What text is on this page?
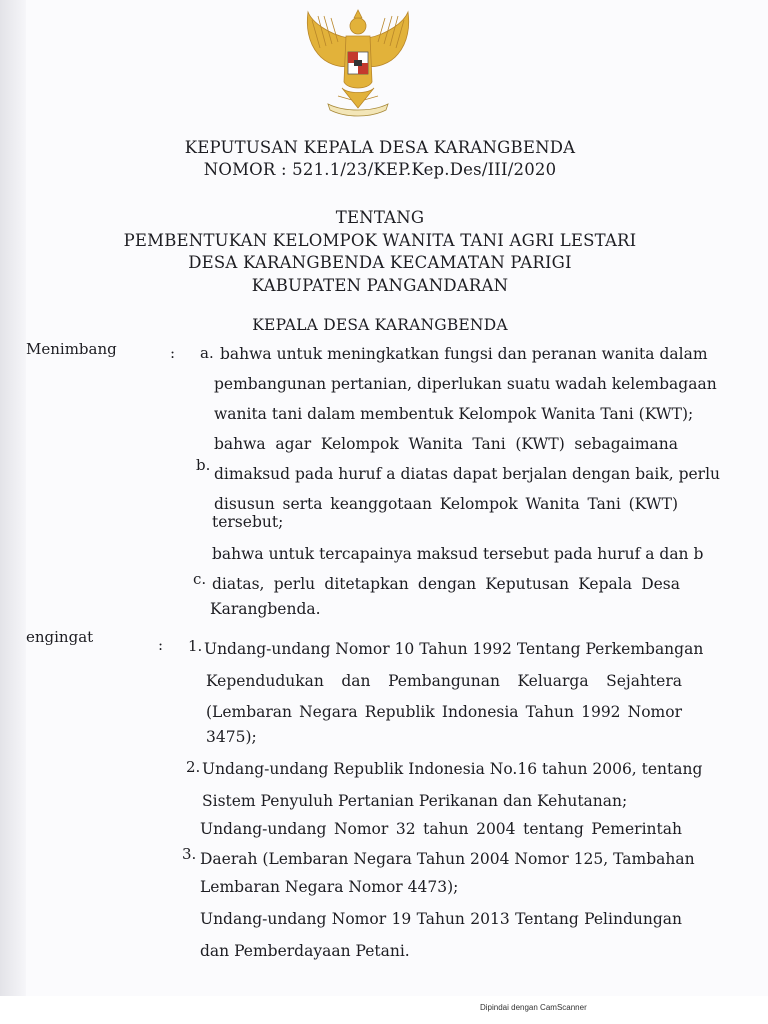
KEPUTUSAN KEPALA DESA KARANGBENDA
NOMOR : 521.1/23/KEP.Kep.Des/III/2020
TENTANG
PEMBENTUKAN KELOMPOK WANITA TANI AGRI LESTARI
DESA KARANGBENDA KECAMATAN PARIGI
KABUPATEN PANGANDARAN
KEPALA DESA KARANGBENDA
Menimbang	: a. bahwa untuk meningkatkan fungsi dan peranan wanita dalam
pembangunan pertanian, diperlukan suatu wadah kelembagaan
wanita tani dalam membentuk Kelompok Wanita Tani (KWT);
bahwa agar Kelompok Wanita Tani (KWT) sebagaimana
b. dimaksud pada huruf a diatas dapat berjalan dengan baik, perlu
disusun serta keanggotaan Kelompok Wanita Tani (KWT)
tersebut;
bahwa untuk tercapainya maksud tersebut pada huruf a dan b
c. diatas, perlu ditetapkan dengan Keputusan Kepala Desa
Karangbenda.
engingat	: 1. Undang-undang Nomor 10 Tahun 1992 Tentang Perkembangan
Kependudukan dan Pembangunan Keluarga Sejahtera
(Lembaran Negara Republik Indonesia Tahun 1992 Nomor
3475);
2. Undang-undang Republik Indonesia No.16 tahun 2006, tentang
Sistem Penyuluh Pertanian Perikanan dan Kehutanan;
Undang-undang Nomor 32 tahun 2004 tentang Pemerintah
3. Daerah (Lembaran Negara Tahun 2004 Nomor 125, Tambahan
Lembaran Negara Nomor 4473);
Undang-undang Nomor 19 Tahun 2013 Tentang Pelindungan
dan Pemberdayaan Petani.
Dipindai dengan CamScanner
